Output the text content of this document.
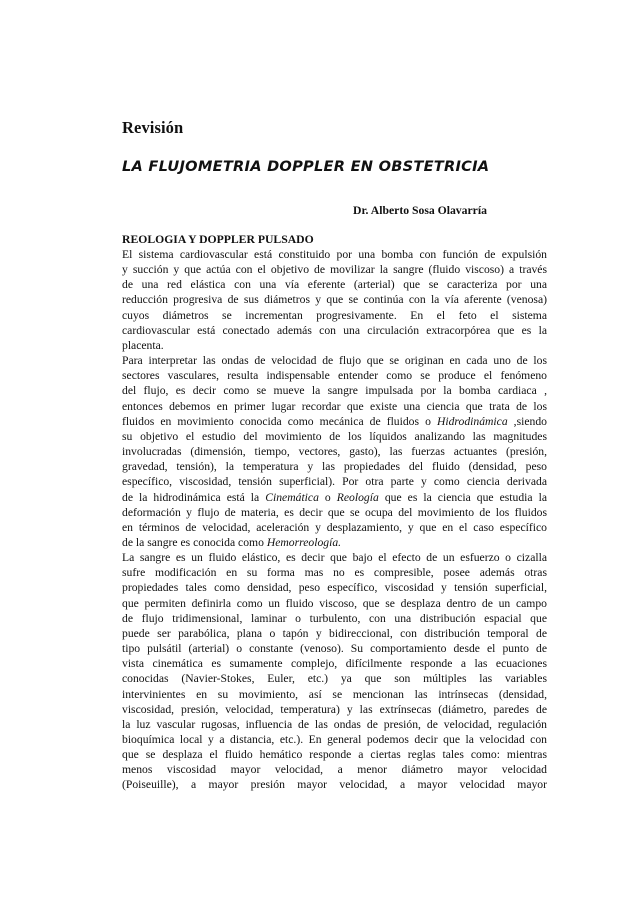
Revisión
LA FLUJOMETRIA DOPPLER EN OBSTETRICIA
Dr. Alberto Sosa Olavarría
REOLOGIA Y DOPPLER PULSADO
El sistema cardiovascular está constituido por una bomba con función de expulsión
y succión y que actúa con el objetivo de movilizar la sangre (fluido viscoso) a través
de una red elástica con una vía eferente (arterial) que se caracteriza por una
reducción progresiva de sus diámetros y que se continúa con la vía aferente (venosa)
cuyos diámetros se incrementan progresivamente. En el feto el sistema
cardiovascular está conectado además con una circulación extracorpórea que es la
placenta.
Para interpretar las ondas de velocidad de flujo que se originan en cada uno de los
sectores vasculares, resulta indispensable entender como se produce el fenómeno
del flujo, es decir como se mueve la sangre impulsada por la bomba cardiaca ,
entonces debemos en primer lugar recordar que existe una ciencia que trata de los
fluidos en movimiento conocida como mecánica de fluidos o Hidrodinámica ,siendo
su objetivo el estudio del movimiento de los líquidos analizando las magnitudes
involucradas (dimensión, tiempo, vectores, gasto), las fuerzas actuantes (presión,
gravedad, tensión), la temperatura y las propiedades del fluido (densidad, peso
específico, viscosidad, tensión superficial). Por otra parte y como ciencia derivada
de la hidrodinámica está la Cinemática o Reología que es la ciencia que estudia la
deformación y flujo de materia, es decir que se ocupa del movimiento de los fluidos
en términos de velocidad, aceleración y desplazamiento, y que en el caso específico
de la sangre es conocida como Hemorreología.
La sangre es un fluido elástico, es decir que bajo el efecto de un esfuerzo o cizalla
sufre modificación en su forma mas no es compresible, posee además otras
propiedades tales como densidad, peso específico, viscosidad y tensión superficial,
que permiten definirla como un fluido viscoso, que se desplaza dentro de un campo
de flujo tridimensional, laminar o turbulento, con una distribución espacial que
puede ser parabólica, plana o tapón y bidireccional, con distribución temporal de
tipo pulsátil (arterial) o constante (venoso). Su comportamiento desde el punto de
vista cinemática es sumamente complejo, difícilmente responde a las ecuaciones
conocidas (Navier-Stokes, Euler, etc.) ya que son múltiples las variables
intervinientes en su movimiento, así se mencionan las intrínsecas (densidad,
viscosidad, presión, velocidad, temperatura) y las extrínsecas (diámetro, paredes de
la luz vascular rugosas, influencia de las ondas de presión, de velocidad, regulación
bioquímica local y a distancia, etc.). En general podemos decir que la velocidad con
que se desplaza el fluido hemático responde a ciertas reglas tales como: mientras
menos viscosidad mayor velocidad, a menor diámetro mayor velocidad
(Poiseuille), a mayor presión mayor velocidad, a mayor velocidad mayor
